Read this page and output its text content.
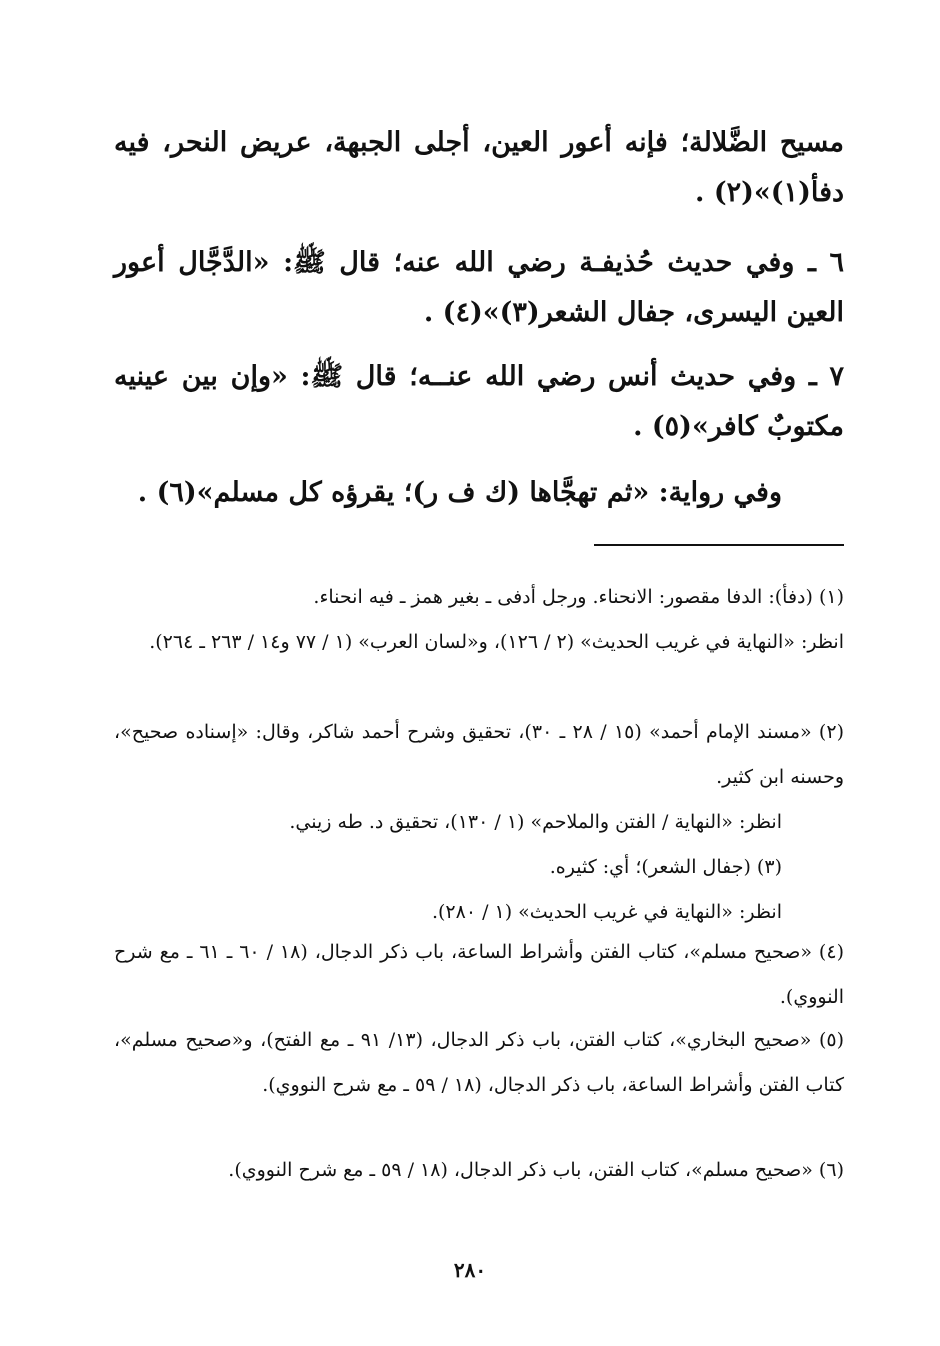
مسيح الضَّلالة؛ فإنه أعور العين، أجلى الجبهة، عريض النحر، فيه دفأ(١)»(٢) .

٦ ـ وفي حديث حُذيفـة رضي الله عنه؛ قال ﷺ: «الدَّجَّال أعور العين اليسرى، جفال الشعر(٣)»(٤) .

٧ ـ وفي حديث أنس رضي الله عنــه؛ قال ﷺ: «وإن بين عينيه مكتوبٌ كافر»(٥) .

وفي رواية: «ثم تهجَّاها (ك ف ر)؛ يقرؤه كل مسلم»(٦) .

(١) (دفأ): الدفا مقصور: الانحناء. ورجل أدفى ـ بغير همز ـ فيه انحناء.

انظر: «النهاية في غريب الحديث» (٢ / ١٢٦)، و«لسان العرب» (١ / ٧٧ و١٤ / ٢٦٣ ـ ٢٦٤).

(٢) «مسند الإمام أحمد» (١٥ / ٢٨ ـ ٣٠)، تحقيق وشرح أحمد شاكر، وقال: «إسناده صحيح»، وحسنه ابن كثير.

انظر: «النهاية / الفتن والملاحم» (١ / ١٣٠)، تحقيق د. طه زيني.

(٣) (جفال الشعر)؛ أي: كثيره.

انظر: «النهاية في غريب الحديث» (١ / ٢٨٠).

(٤) «صحيح مسلم»، كتاب الفتن وأشراط الساعة، باب ذكر الدجال، (١٨ / ٦٠ ـ ٦١ ـ مع شرح النووي).

(٥) «صحيح البخاري»، كتاب الفتن، باب ذكر الدجال، (١٣/ ٩١ ـ مع الفتح)، و«صحيح مسلم»، كتاب الفتن وأشراط الساعة، باب ذكر الدجال، (١٨ / ٥٩ ـ مع شرح النووي).

(٦) «صحيح مسلم»، كتاب الفتن، باب ذكر الدجال، (١٨ / ٥٩ ـ مع شرح النووي).

٢٨٠
